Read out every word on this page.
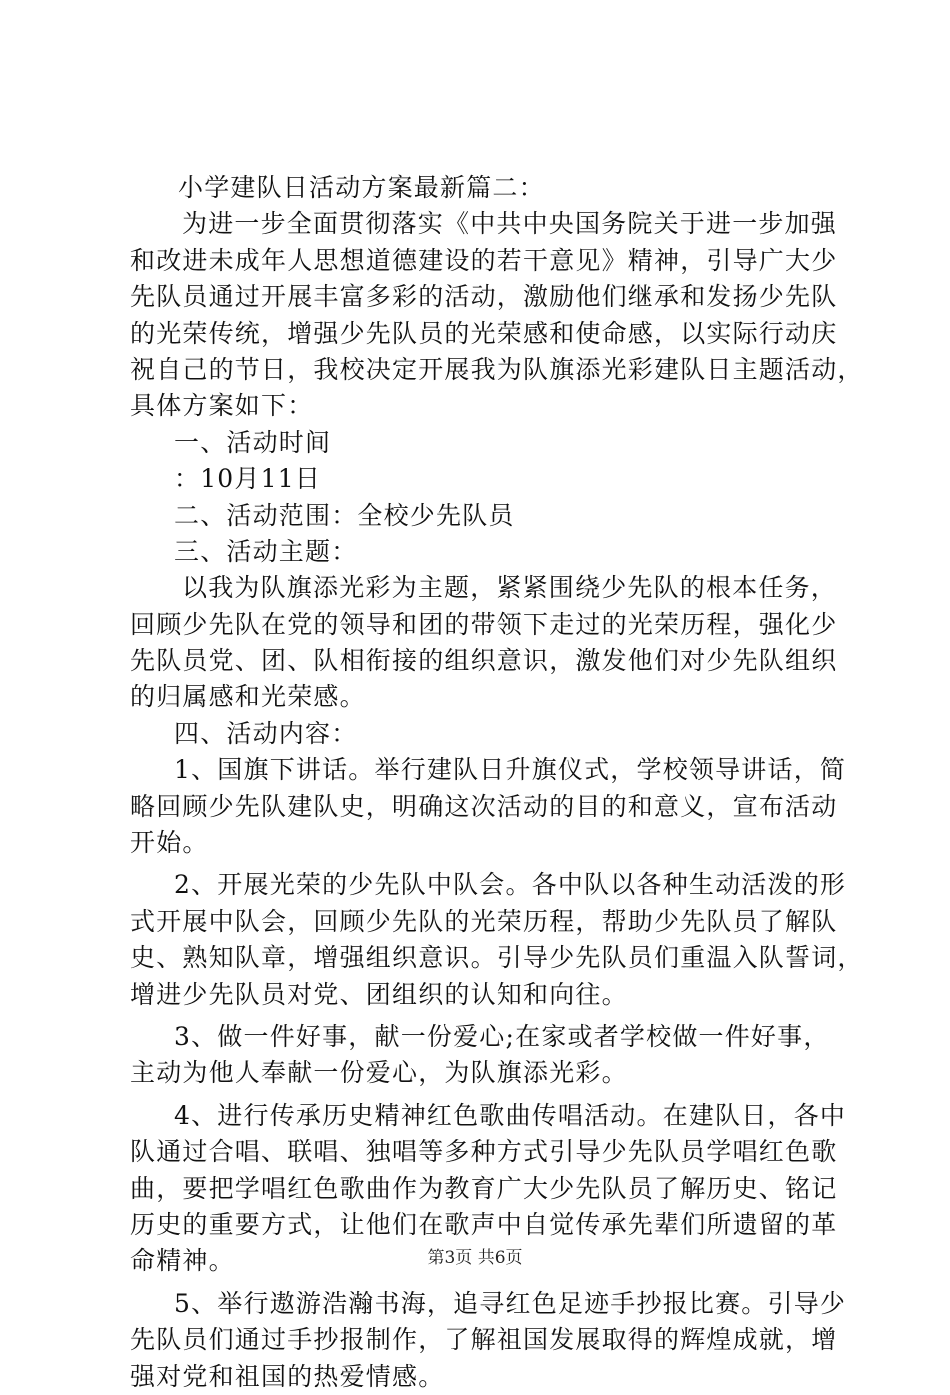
小学建队日活动方案最新篇二：
为进一步全面贯彻落实《中共中央国务院关于进一步加强
和改进未成年人思想道德建设的若干意见》精神，引导广大少
先队员通过开展丰富多彩的活动，激励他们继承和发扬少先队
的光荣传统，增强少先队员的光荣感和使命感，以实际行动庆
祝自己的节日，我校决定开展我为队旗添光彩建队日主题活动，
具体方案如下：
一、活动时间
：10月11日
二、活动范围：全校少先队员
三、活动主题：
以我为队旗添光彩为主题，紧紧围绕少先队的根本任务，
回顾少先队在党的领导和团的带领下走过的光荣历程，强化少
先队员党、团、队相衔接的组织意识，激发他们对少先队组织
的归属感和光荣感。
四、活动内容：
1、国旗下讲话。举行建队日升旗仪式，学校领导讲话，简
略回顾少先队建队史，明确这次活动的目的和意义，宣布活动
开始。
2、开展光荣的少先队中队会。各中队以各种生动活泼的形
式开展中队会，回顾少先队的光荣历程，帮助少先队员了解队
史、熟知队章，增强组织意识。引导少先队员们重温入队誓词，
增进少先队员对党、团组织的认知和向往。
3、做一件好事，献一份爱心;在家或者学校做一件好事，
主动为他人奉献一份爱心，为队旗添光彩。
4、进行传承历史精神红色歌曲传唱活动。在建队日，各中
队通过合唱、联唱、独唱等多种方式引导少先队员学唱红色歌
曲，要把学唱红色歌曲作为教育广大少先队员了解历史、铭记
历史的重要方式，让他们在歌声中自觉传承先辈们所遗留的革
命精神。
5、举行遨游浩瀚书海，追寻红色足迹手抄报比赛。引导少
先队员们通过手抄报制作，了解祖国发展取得的辉煌成就，增
强对党和祖国的热爱情感。
第3页 共6页
